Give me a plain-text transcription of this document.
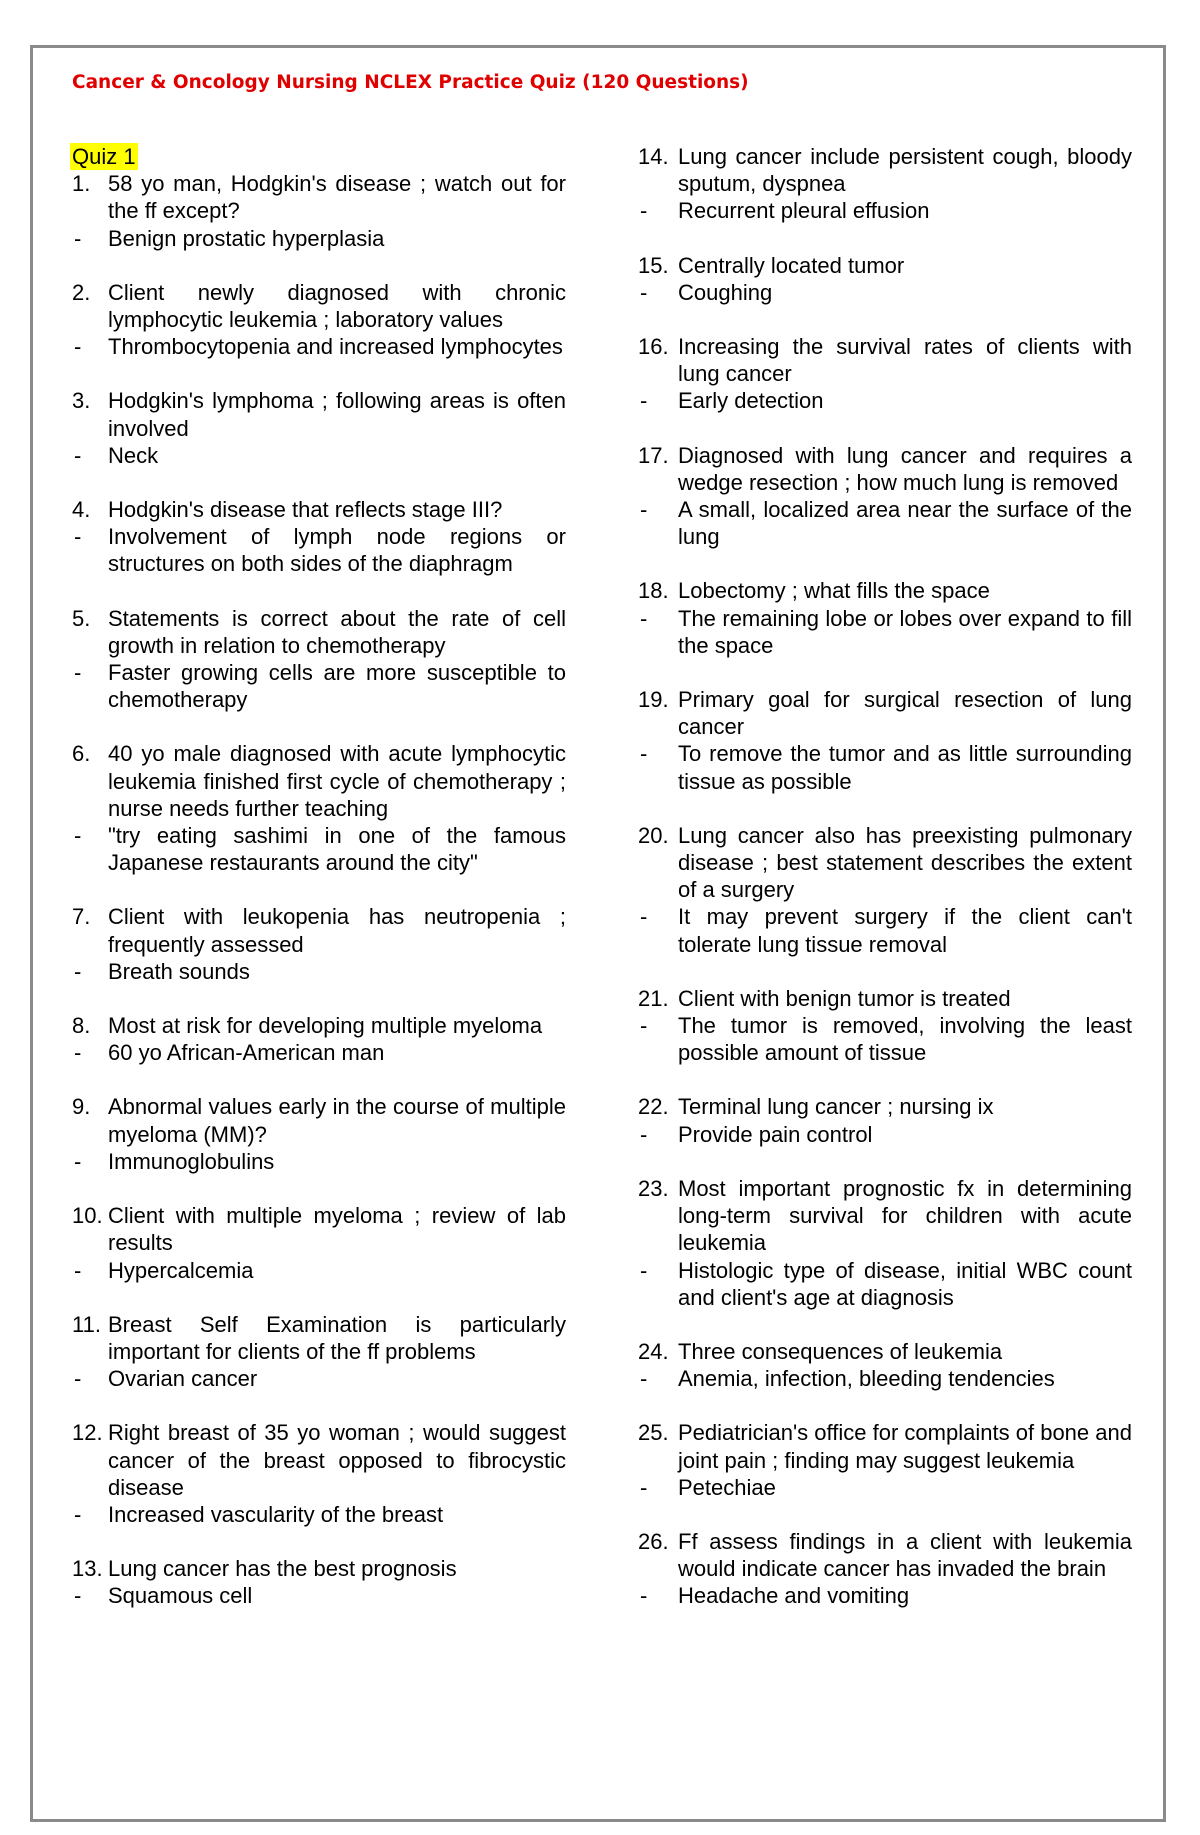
Cancer & Oncology Nursing NCLEX Practice Quiz (120 Questions)
Quiz 1
1. 58 yo man, Hodgkin's disease ; watch out for the ff except?
-	Benign prostatic hyperplasia
2. Client newly diagnosed with chronic lymphocytic leukemia ; laboratory values
-	Thrombocytopenia and increased lymphocytes
3. Hodgkin's lymphoma ; following areas is often involved
-	Neck
4. Hodgkin's disease that reflects stage III?
-	Involvement of lymph node regions or structures on both sides of the diaphragm
5. Statements is correct about the rate of cell growth in relation to chemotherapy
-	Faster growing cells are more susceptible to chemotherapy
6. 40 yo male diagnosed with acute lymphocytic leukemia finished first cycle of chemotherapy ; nurse needs further teaching
-	"try eating sashimi in one of the famous Japanese restaurants around the city"
7. Client with leukopenia has neutropenia ; frequently assessed
-	Breath sounds
8. Most at risk for developing multiple myeloma
-	60 yo African-American man
9. Abnormal values early in the course of multiple myeloma (MM)?
-	Immunoglobulins
10. Client with multiple myeloma ; review of lab results
-	Hypercalcemia
11. Breast Self Examination is particularly important for clients of the ff problems
-	Ovarian cancer
12. Right breast of 35 yo woman ; would suggest cancer of the breast opposed to fibrocystic disease
-	Increased vascularity of the breast
13. Lung cancer has the best prognosis
-	Squamous cell
14. Lung cancer include persistent cough, bloody sputum, dyspnea
-	Recurrent pleural effusion
15. Centrally located tumor
-	Coughing
16. Increasing the survival rates of clients with lung cancer
-	Early detection
17. Diagnosed with lung cancer and requires a wedge resection ; how much lung is removed
-	A small, localized area near the surface of the lung
18. Lobectomy ; what fills the space
-	The remaining lobe or lobes over expand to fill the space
19. Primary goal for surgical resection of lung cancer
-	To remove the tumor and as little surrounding tissue as possible
20. Lung cancer also has preexisting pulmonary disease ; best statement describes the extent of a surgery
-	It may prevent surgery if the client can't tolerate lung tissue removal
21. Client with benign tumor is treated
-	The tumor is removed, involving the least possible amount of tissue
22. Terminal lung cancer ; nursing ix
-	Provide pain control
23. Most important prognostic fx in determining long-term survival for children with acute leukemia
-	Histologic type of disease, initial WBC count and client's age at diagnosis
24. Three consequences of leukemia
-	Anemia, infection, bleeding tendencies
25. Pediatrician's office for complaints of bone and joint pain ; finding may suggest leukemia
-	Petechiae
26. Ff assess findings in a client with leukemia would indicate cancer has invaded the brain
-	Headache and vomiting
